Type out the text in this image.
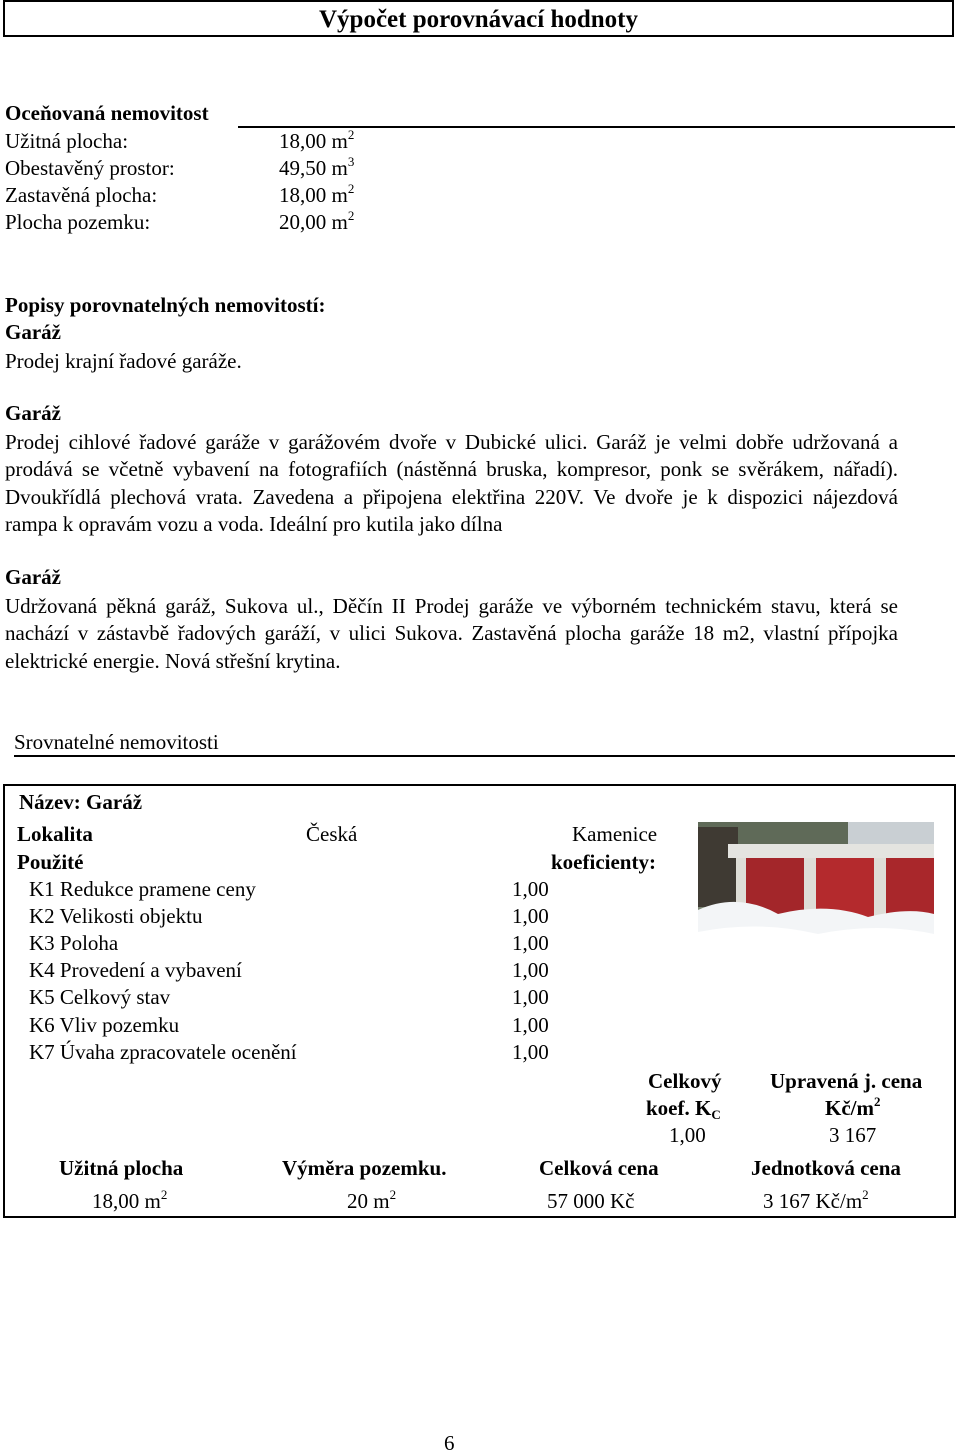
Výpočet porovnávací hodnoty
Oceňovaná nemovitost
Užitná plocha:	18,00 $m^2$
Obestavěný prostor:	49,50 $m^3$
Zastavěná plocha:	18,00 $m^2$
Plocha pozemku:	20,00 $m^2$
Popisy porovnatelných nemovitostí:
Garáž
Prodej krajní řadové garáže.
Garáž
Prodej cihlové řadové garáže v garážovém dvoře v Dubické ulici. Garáž je velmi dobře udržovaná a prodává se včetně vybavení na fotografiích (nástěnná bruska, kompresor, ponk se svěrákem, nářadí). Dvoukřídlá plechová vrata. Zavedena a připojena elektřina 220V. Ve dvoře je k dispozici nájezdová rampa k opravám vozu a voda. Ideální pro kutila jako dílna
Garáž
Udržovaná pěkná garáž, Sukova ul., Děčín II Prodej garáže ve výborném technickém stavu, která se nachází v zástavbě řadových garáží, v ulici Sukova. Zastavěná plocha garáže 18 m2, vlastní přípojka elektrické energie. Nová střešní krytina.
Srovnatelné nemovitosti
Název: Garáž
Lokalita	Česká	Kamenice
Použité	koeficienty:
K1 Redukce pramene ceny	1,00
K2 Velikosti objektu	1,00
K3 Poloha	1,00
K4 Provedení a vybavení	1,00
K5 Celkový stav	1,00
K6 Vliv pozemku	1,00
K7 Úvaha zpracovatele ocenění	1,00
Celkový
koef. $K_C$
Upravená j. cena
$Kč/m^2$
1,00	3 167
Užitná plocha	Výměra pozemku.	Celková cena	Jednotková cena
18,00 $m^2$	20 $m^2$	57 000 Kč	3 167 $Kč/m^2$
6
